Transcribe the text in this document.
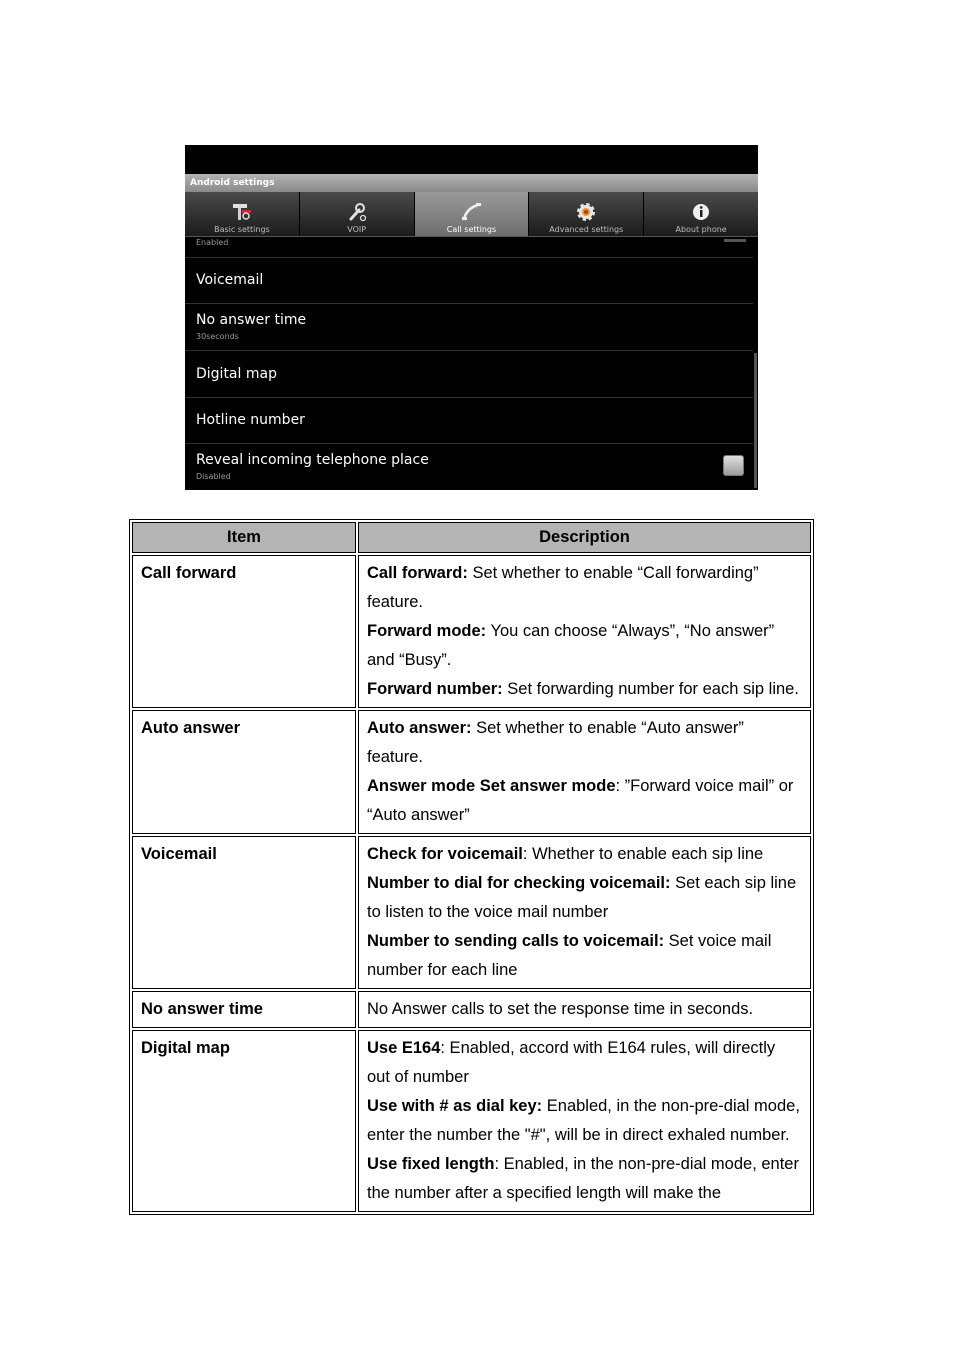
Android settings
Basic settings	VOIP	Call settings	Advanced settings	About phone
Enabled
Voicemail
No answer time
30seconds
Digital map
Hotline number
Reveal incoming telephone place
Disabled
Item	Description
Call forward	Call forward: Set whether to enable “Call forwarding” feature.

Forward mode: You can choose “Always”, “No answer” and “Busy”.

Forward number: Set forwarding number for each sip line.

Auto answer	Auto answer: Set whether to enable “Auto answer” feature.

Answer mode Set answer mode: ”Forward voice mail” or “Auto answer”

Voicemail	Check for voicemail: Whether to enable each sip line

Number to dial for checking voicemail: Set each sip line to listen to the voice mail number

Number to sending calls to voicemail: Set voice mail number for each line

No answer time	No Answer calls to set the response time in seconds.

Digital map	Use E164: Enabled, accord with E164 rules, will directly out of number

Use with # as dial key: Enabled, in the non-pre-dial mode, enter the number the "#", will be in direct exhaled number.

Use fixed length: Enabled, in the non-pre-dial mode, enter the number after a specified length will make the
